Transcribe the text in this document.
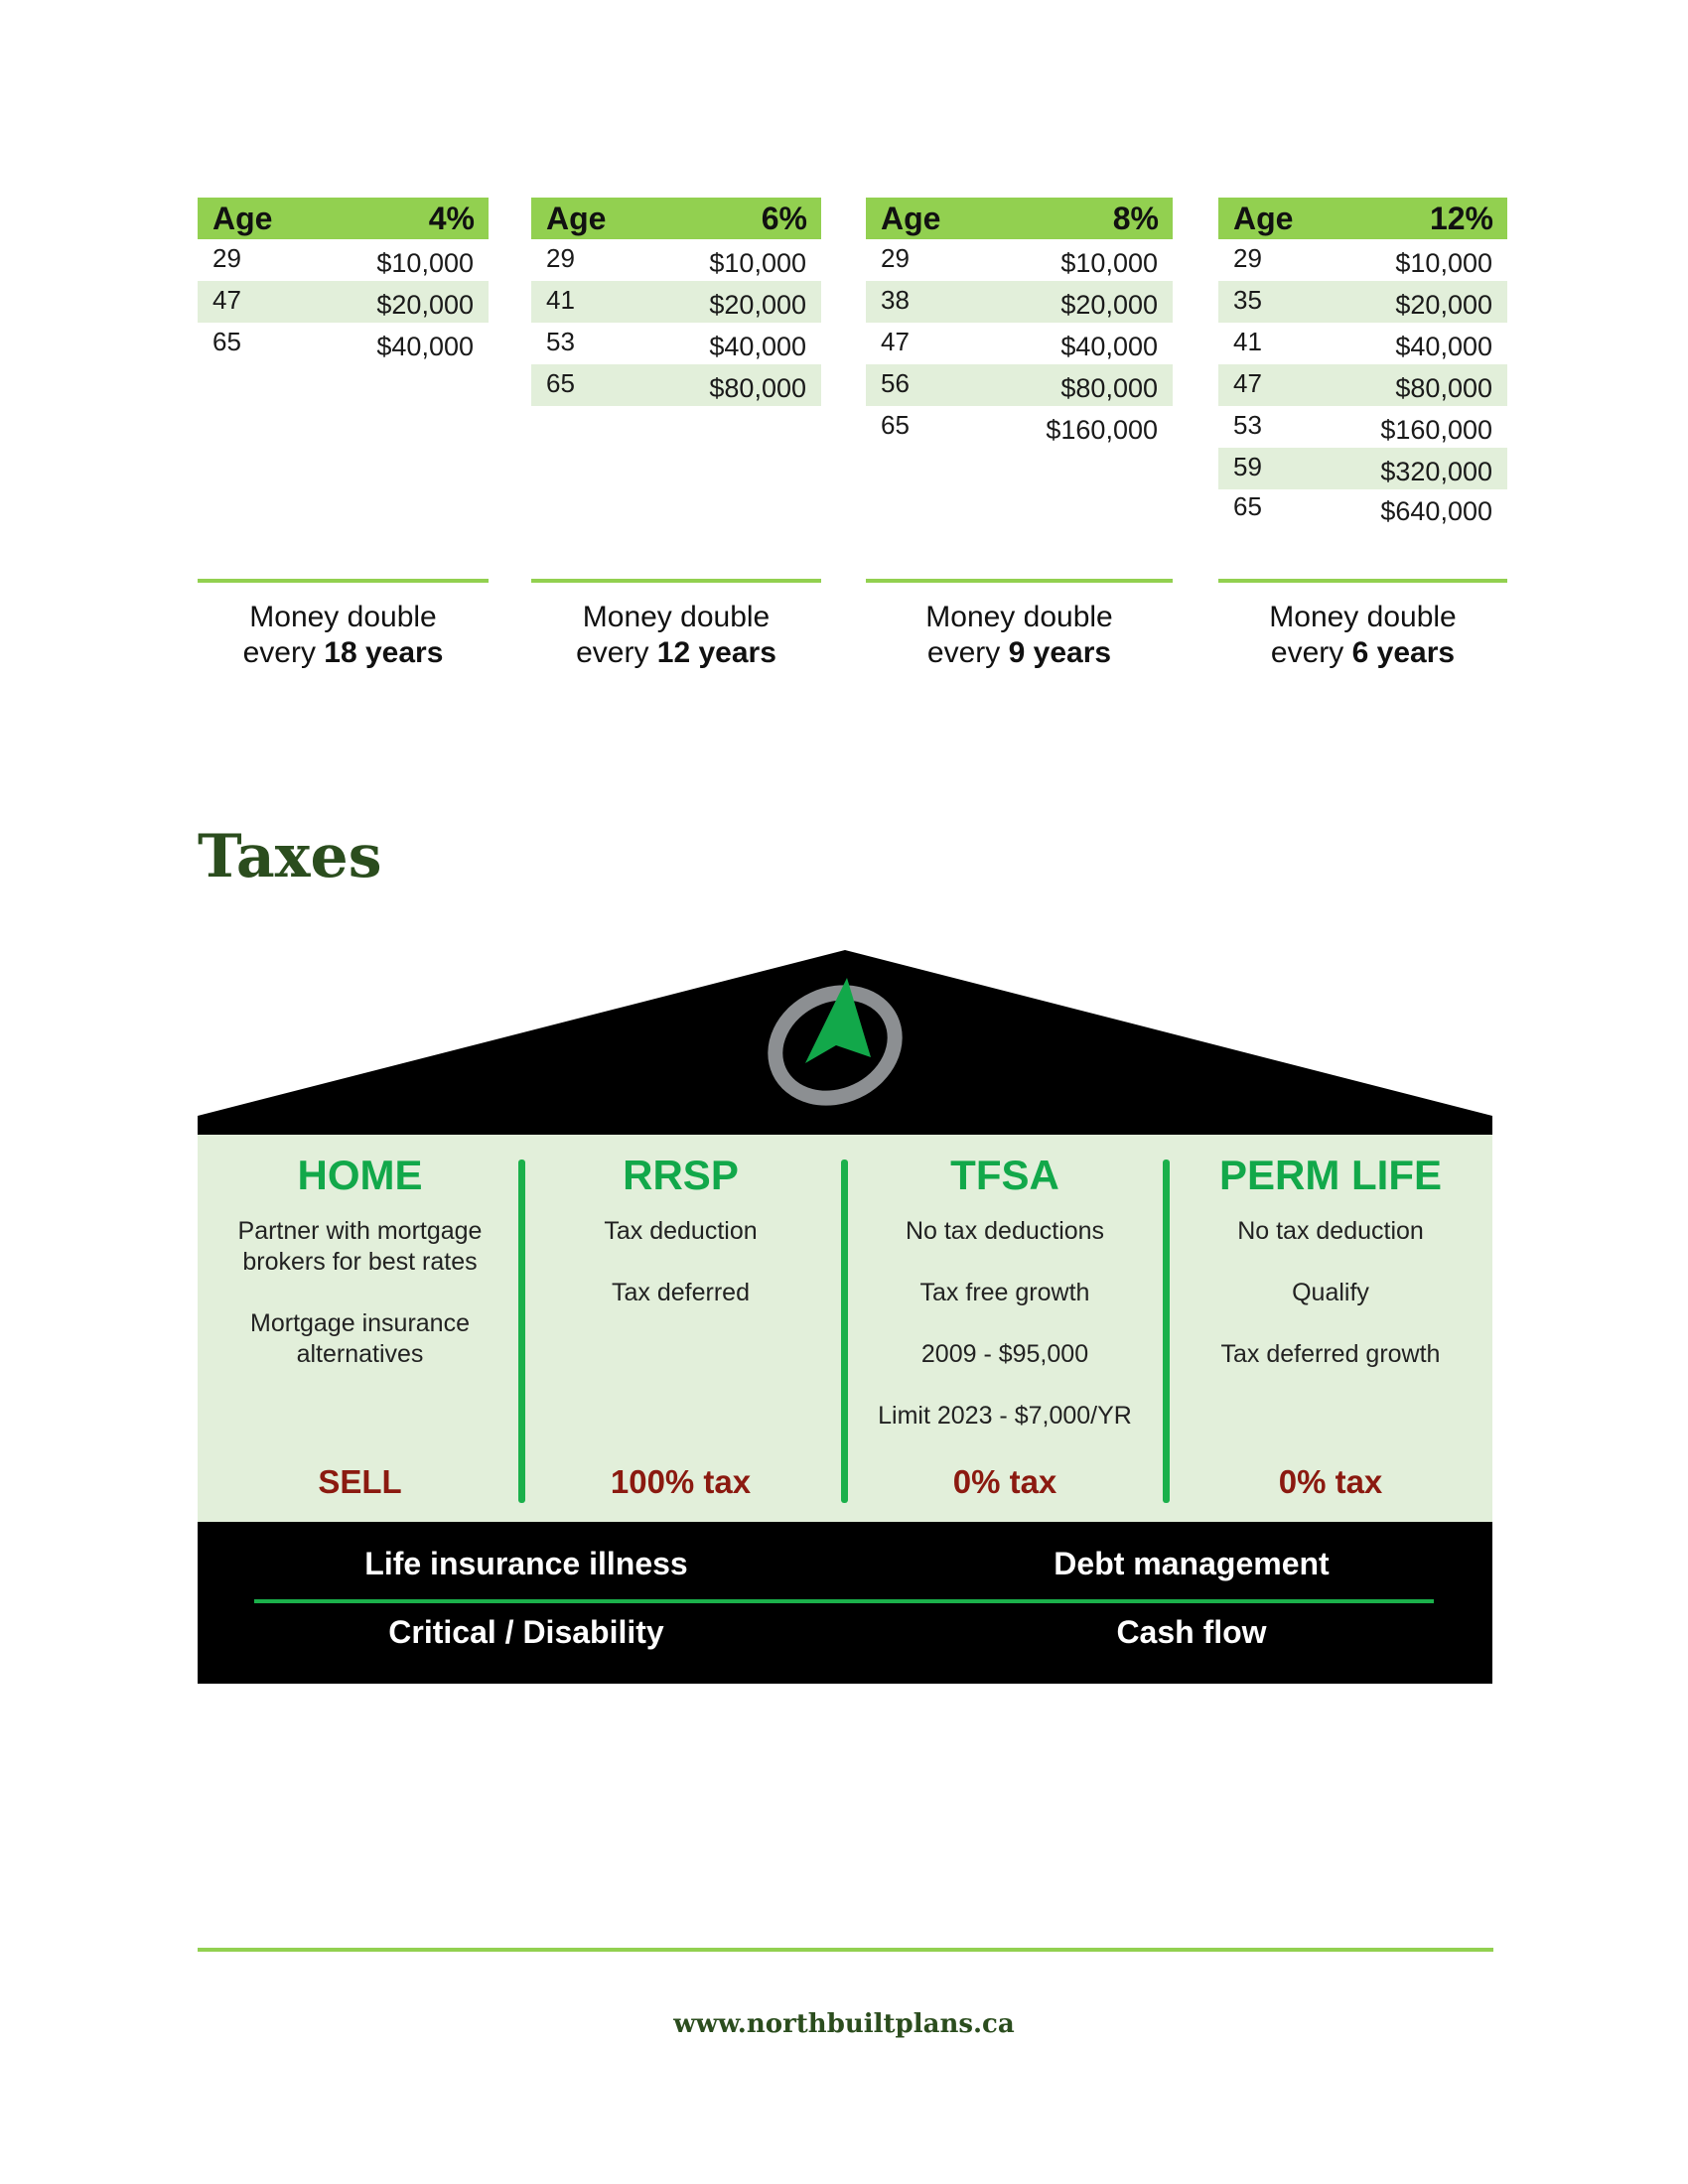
Age	4%
29	$10,000
47	$20,000
65	$40,000
Money double
every 18 years
Age	6%
29	$10,000
41	$20,000
53	$40,000
65	$80,000
Money double
every 12 years
Age	8%
29	$10,000
38	$20,000
47	$40,000
56	$80,000
65	$160,000
Money double
every 9 years
Age	12%
29	$10,000
35	$20,000
41	$40,000
47	$80,000
53	$160,000
59	$320,000
65	$640,000
Money double
every 6 years
Taxes
HOME
Partner with mortgage
brokers for best rates
Mortgage insurance
alternatives
SELL
RRSP
Tax deduction
Tax deferred
100% tax
TFSA
No tax deductions
Tax free growth
2009 - $95,000
Limit 2023 - $7,000/YR
0% tax
PERM LIFE
No tax deduction
Qualify
Tax deferred growth
0% tax
Life insurance illness
Critical / Disability
Debt management
Cash flow
www.northbuiltplans.ca
